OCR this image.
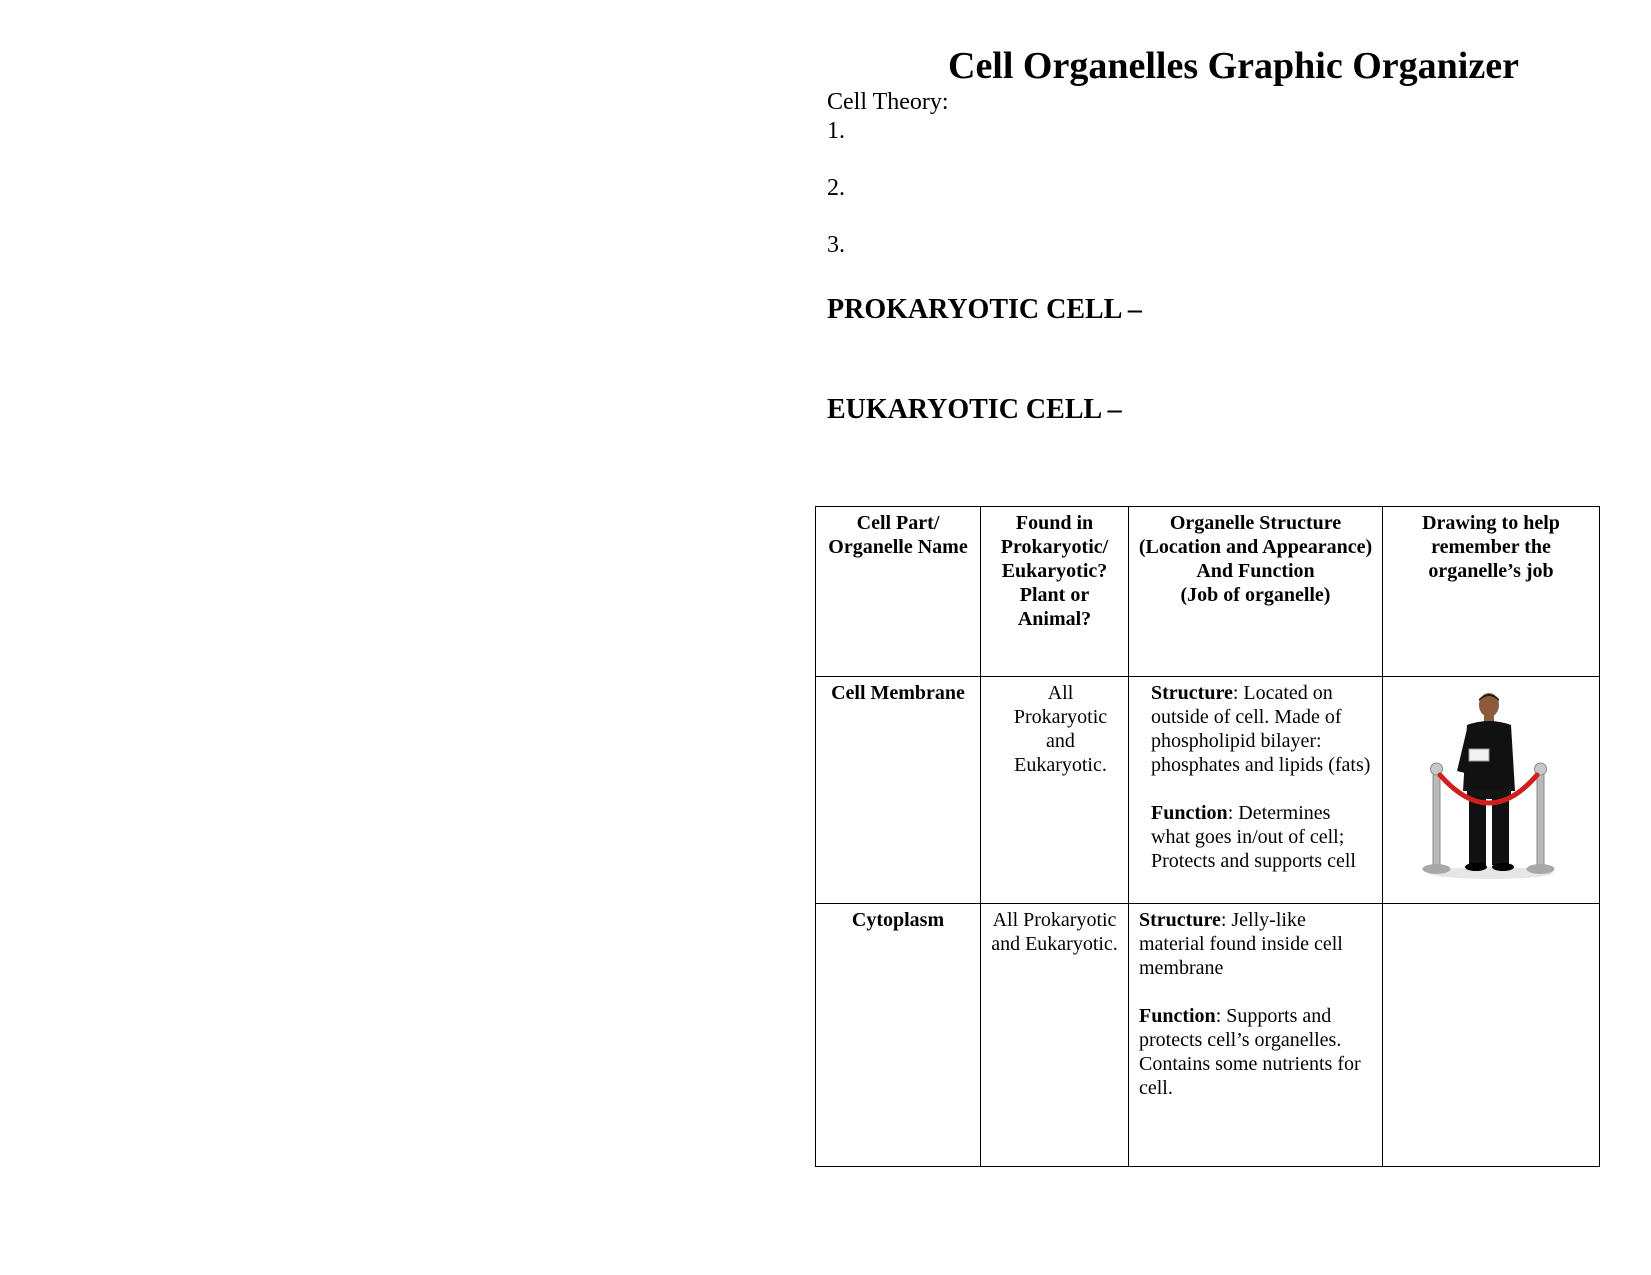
Cell Organelles Graphic Organizer
Cell Theory:
1.
2.
3.
PROKARYOTIC CELL –
EUKARYOTIC CELL –
Cell Part/ Organelle Name	Found in Prokaryotic/ Eukaryotic? Plant or Animal?	Organelle Structure (Location and Appearance)
And Function
(Job of organelle)	Drawing to help remember the organelle’s job
Cell Membrane	All Prokaryotic and Eukaryotic.	Structure: Located on outside of cell. Made of phospholipid bilayer: phosphates and lipids (fats)
Function: Determines what goes in/out of cell; Protects and supports cell

Cytoplasm	All Prokaryotic and Eukaryotic.	Structure: Jelly-like material found inside cell membrane
Function: Supports and protects cell’s organelles. Contains some nutrients for cell.	
